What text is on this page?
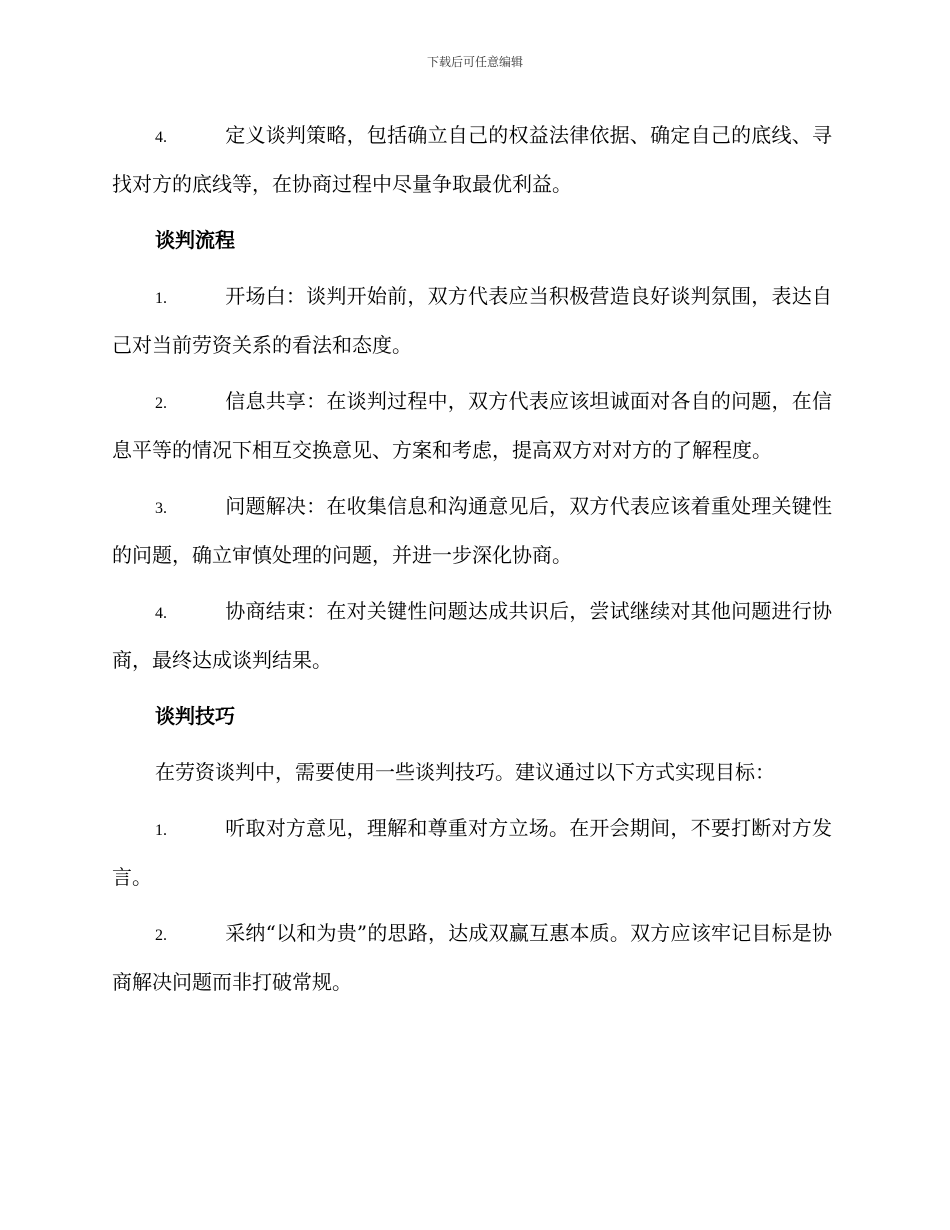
下载后可任意编辑

4.	定义谈判策略，包括确立自己的权益法律依据、确定自己的底线、寻找对方的底线等，在协商过程中尽量争取最优利益。

谈判流程

1.	开场白：谈判开始前，双方代表应当积极营造良好谈判氛围，表达自己对当前劳资关系的看法和态度。

2.	信息共享：在谈判过程中，双方代表应该坦诚面对各自的问题，在信息平等的情况下相互交换意见、方案和考虑，提高双方对对方的了解程度。

3.	问题解决：在收集信息和沟通意见后，双方代表应该着重处理关键性的问题，确立审慎处理的问题，并进一步深化协商。

4.	协商结束：在对关键性问题达成共识后，尝试继续对其他问题进行协商，最终达成谈判结果。

谈判技巧

在劳资谈判中，需要使用一些谈判技巧。建议通过以下方式实现目标：

1.	听取对方意见，理解和尊重对方立场。在开会期间，不要打断对方发言。

2.	采纳“以和为贵”的思路，达成双赢互惠本质。双方应该牢记目标是协商解决问题而非打破常规。
